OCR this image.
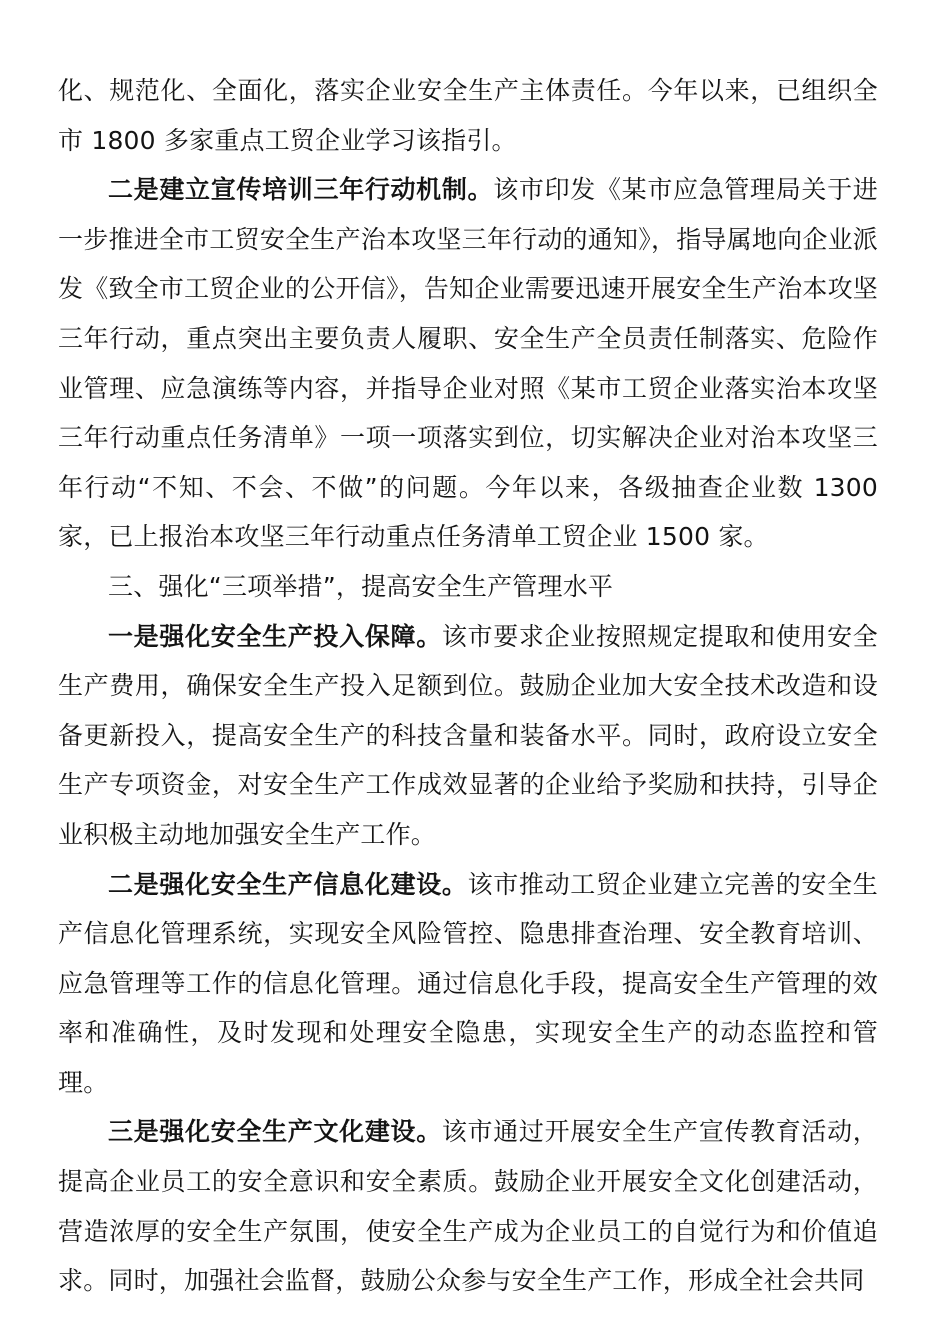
化、规范化、全面化，落实企业安全生产主体责任。今年以来，已组织全市 1800 多家重点工贸企业学习该指引。

二是建立宣传培训三年行动机制。该市印发《某市应急管理局关于进一步推进全市工贸安全生产治本攻坚三年行动的通知》，指导属地向企业派发《致全市工贸企业的公开信》，告知企业需要迅速开展安全生产治本攻坚三年行动，重点突出主要负责人履职、安全生产全员责任制落实、危险作业管理、应急演练等内容，并指导企业对照《某市工贸企业落实治本攻坚三年行动重点任务清单》一项一项落实到位，切实解决企业对治本攻坚三年行动“不知、不会、不做”的问题。今年以来，各级抽查企业数 1300 家，已上报治本攻坚三年行动重点任务清单工贸企业 1500 家。

三、强化“三项举措”，提高安全生产管理水平

一是强化安全生产投入保障。该市要求企业按照规定提取和使用安全生产费用，确保安全生产投入足额到位。鼓励企业加大安全技术改造和设备更新投入，提高安全生产的科技含量和装备水平。同时，政府设立安全生产专项资金，对安全生产工作成效显著的企业给予奖励和扶持，引导企业积极主动地加强安全生产工作。

二是强化安全生产信息化建设。该市推动工贸企业建立完善的安全生产信息化管理系统，实现安全风险管控、隐患排查治理、安全教育培训、应急管理等工作的信息化管理。通过信息化手段，提高安全生产管理的效率和准确性，及时发现和处理安全隐患，实现安全生产的动态监控和管理。

三是强化安全生产文化建设。该市通过开展安全生产宣传教育活动，提高企业员工的安全意识和安全素质。鼓励企业开展安全文化创建活动，营造浓厚的安全生产氛围，使安全生产成为企业员工的自觉行为和价值追求。同时，加强社会监督，鼓励公众参与安全生产工作，形成全社会共同
